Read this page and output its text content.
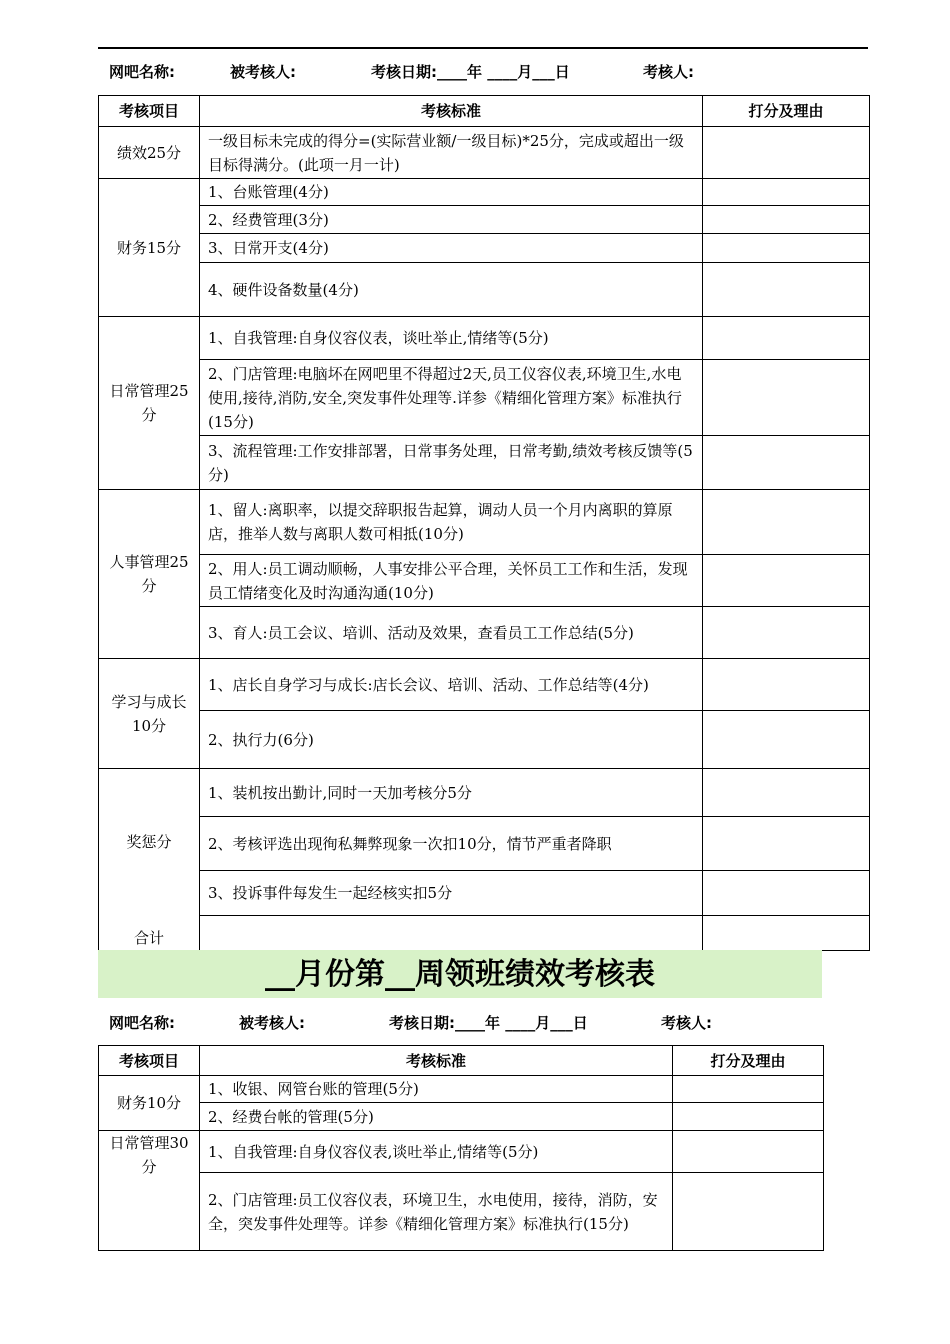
网吧名称:	被考核人:	考核日期:____年 ____月___日	考核人:
考核项目	考核标准	打分及理由
绩效25分	一级目标未完成的得分=(实际营业额/一级目标)*25分，完成或超出一级目标得满分。(此项一月一计)	
财务15分	1、台账管理(4分)	
	2、经费管理(3分)	
	3、日常开支(4分)	
	4、硬件设备数量(4分)	
日常管理25分	1、自我管理:自身仪容仪表，谈吐举止,情绪等(5分)	
	2、门店管理:电脑坏在网吧里不得超过2天,员工仪容仪表,环境卫生,水电使用,接待,消防,安全,突发事件处理等.详参《精细化管理方案》标准执行(15分)	
	3、流程管理:工作安排部署，日常事务处理，日常考勤,绩效考核反馈等(5分)	
人事管理25分	1、留人:离职率，以提交辞职报告起算，调动人员一个月内离职的算原店，推举人数与离职人数可相抵(10分)	
	2、用人:员工调动顺畅，人事安排公平合理，关怀员工工作和生活，发现员工情绪变化及时沟通沟通(10分)	
	3、育人:员工会议、培训、活动及效果，查看员工工作总结(5分)	
学习与成长10分	1、店长自身学习与成长:店长会议、培训、活动、工作总结等(4分)	
	2、执行力(6分)	
奖惩分	1、装机按出勤计,同时一天加考核分5分	
	2、考核评选出现徇私舞弊现象一次扣10分，情节严重者降职	
	3、投诉事件每发生一起经核实扣5分	
合计		
__月份第__周领班绩效考核表
网吧名称:	被考核人:	考核日期:____年 ____月___日	考核人:
考核项目	考核标准	打分及理由
财务10分	1、收银、网管台账的管理(5分)	
	2、经费台帐的管理(5分)	
日常管理30分	1、自我管理:自身仪容仪表,谈吐举止,情绪等(5分)	
	2、门店管理:员工仪容仪表，环境卫生，水电使用，接待，消防，安全，突发事件处理等。详参《精细化管理方案》标准执行(15分)	
